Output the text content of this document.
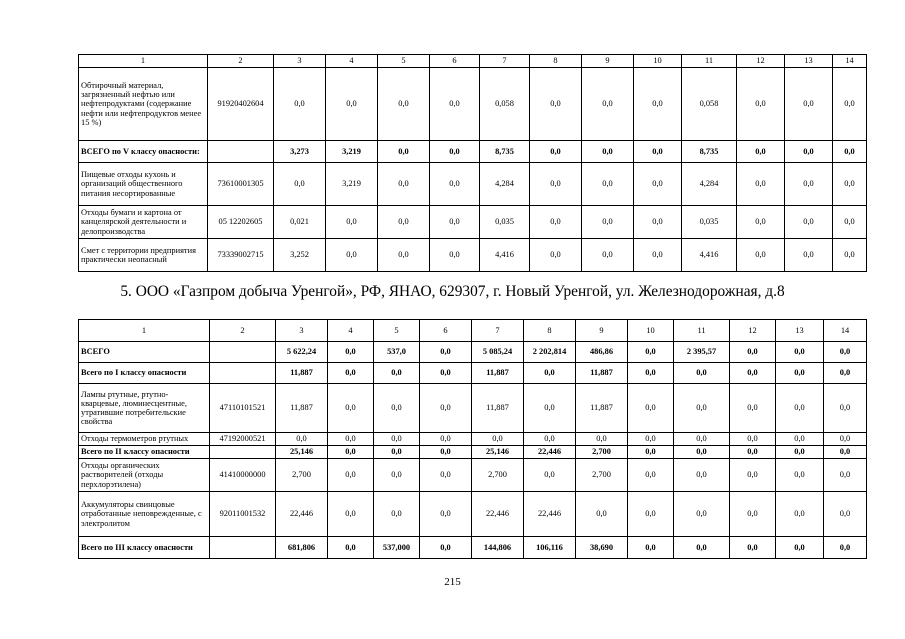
1	2	3	4	5	6	7	8	9	10	11	12	13	14
Обтирочный материал, загрязненный нефтью или нефтепродуктами (содержание нефти или нефтепродуктов менее 15 %)	91920402604	0,0	0,0	0,0	0,0	0,058	0,0	0,0	0,0	0,058	0,0	0,0	0,0
ВСЕГО по V классу опасности:		3,273	3,219	0,0	0,0	8,735	0,0	0,0	0,0	8,735	0,0	0,0	0,0
Пищевые отходы кухонь и организаций общественного питания несортированные	73610001305	0,0	3,219	0,0	0,0	4,284	0,0	0,0	0,0	4,284	0,0	0,0	0,0
Отходы бумаги и картона от канцелярской деятельности и делопроизводства	05 12202605	0,021	0,0	0,0	0,0	0,035	0,0	0,0	0,0	0,035	0,0	0,0	0,0
Смет с территории предприятия практически неопасный	73339002715	3,252	0,0	0,0	0,0	4,416	0,0	0,0	0,0	4,416	0,0	0,0	0,0
5. ООО «Газпром добыча Уренгой», РФ, ЯНАО, 629307, г. Новый Уренгой, ул. Железнодорожная, д.8
1	2	3	4	5	6	7	8	9	10	11	12	13	14
ВСЕГО		5 622,24	0,0	537,0	0,0	5 085,24	2 202,814	486,86	0,0	2 395,57	0,0	0,0	0,0
Всего по I классу опасности		11,887	0,0	0,0	0,0	11,887	0,0	11,887	0,0	0,0	0,0	0,0	0,0
Лампы ртутные, ртутно-кварцевые, люминесцентные, утратившие потребительские свойства	47110101521	11,887	0,0	0,0	0,0	11,887	0,0	11,887	0,0	0,0	0,0	0,0	0,0
Отходы термометров ртутных	47192000521	0,0	0,0	0,0	0,0	0,0	0,0	0,0	0,0	0,0	0,0	0,0	0,0
Всего по II классу опасности		25,146	0,0	0,0	0,0	25,146	22,446	2,700	0,0	0,0	0,0	0,0	0,0
Отходы органических растворителей (отходы перхлорэтилена)	41410000000	2,700	0,0	0,0	0,0	2,700	0,0	2,700	0,0	0,0	0,0	0,0	0,0
Аккумуляторы свинцовые отработанные неповрежденные, с электролитом	92011001532	22,446	0,0	0,0	0,0	22,446	22,446	0,0	0,0	0,0	0,0	0,0	0,0
Всего по III классу опасности		681,806	0,0	537,000	0,0	144,806	106,116	38,690	0,0	0,0	0,0	0,0	0,0
215
